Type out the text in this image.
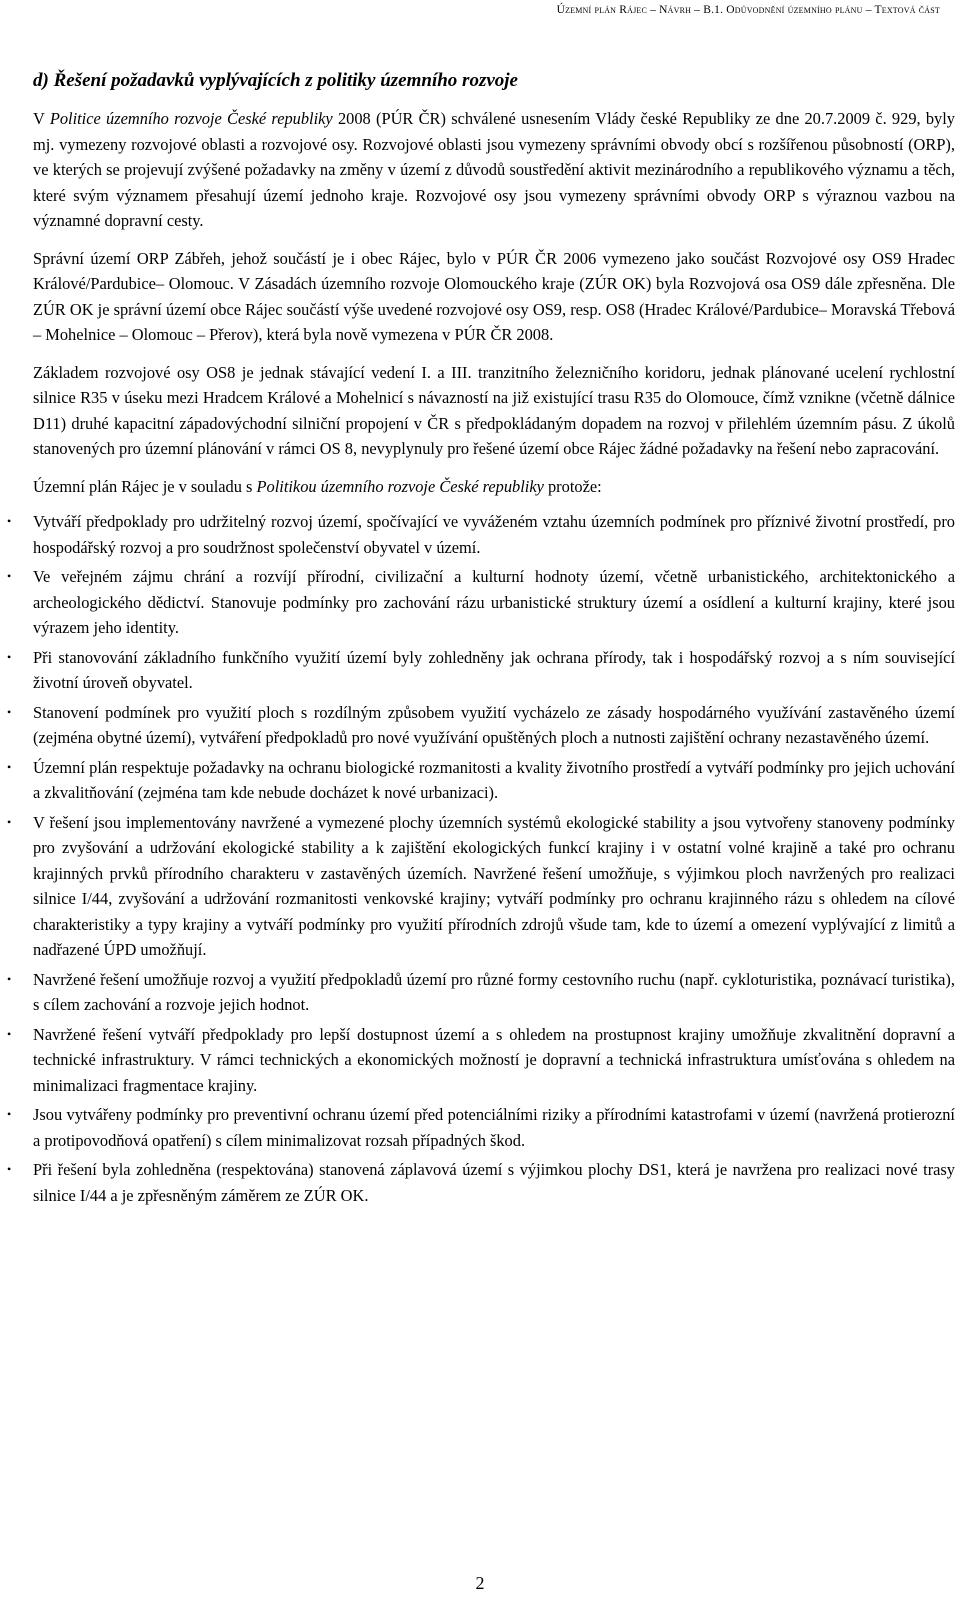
Územní plán Rájec – Návrh – B.1. Odůvodnění územního plánu – Textová část
d) Řešení požadavků vyplývajících z politiky územního rozvoje

V Politice územního rozvoje České republiky 2008 (PÚR ČR) schválené usnesením Vlády české Republiky ze dne 20.7.2009 č. 929, byly mj. vymezeny rozvojové oblasti a rozvojové osy. Rozvojové oblasti jsou vymezeny správními obvody obcí s rozšířenou působností (ORP), ve kterých se projevují zvýšené požadavky na změny v území z důvodů soustředění aktivit mezinárodního a republikového významu a těch, které svým významem přesahují území jednoho kraje. Rozvojové osy jsou vymezeny správními obvody ORP s výraznou vazbou na významné dopravní cesty.

Správní území ORP Zábřeh, jehož součástí je i obec Rájec, bylo v PÚR ČR 2006 vymezeno jako součást Rozvojové osy OS9 Hradec Králové/Pardubice– Olomouc. V Zásadách územního rozvoje Olomouckého kraje (ZÚR OK) byla Rozvojová osa OS9 dále zpřesněna. Dle ZÚR OK je správní území obce Rájec součástí výše uvedené rozvojové osy OS9, resp. OS8 (Hradec Králové/Pardubice– Moravská Třebová – Mohelnice – Olomouc – Přerov), která byla nově vymezena v PÚR ČR 2008.

Základem rozvojové osy OS8 je jednak stávající vedení I. a III. tranzitního železničního koridoru, jednak plánované ucelení rychlostní silnice R35 v úseku mezi Hradcem Králové a Mohelnicí s návazností na již existující trasu R35 do Olomouce, čímž vznikne (včetně dálnice D11) druhé kapacitní západovýchodní silniční propojení v ČR s předpokládaným dopadem na rozvoj v přilehlém územním pásu. Z úkolů stanovených pro územní plánování v rámci OS 8, nevyplynuly pro řešené území obce Rájec žádné požadavky na řešení nebo zapracování.

Územní plán Rájec je v souladu s Politikou územního rozvoje České republiky protože:

• Vytváří předpoklady pro udržitelný rozvoj území, spočívající ve vyváženém vztahu územních podmínek pro příznivé životní prostředí, pro hospodářský rozvoj a pro soudržnost společenství obyvatel v území.
• Ve veřejném zájmu chrání a rozvíjí přírodní, civilizační a kulturní hodnoty území, včetně urbanistického, architektonického a archeologického dědictví. Stanovuje podmínky pro zachování rázu urbanistické struktury území a osídlení a kulturní krajiny, které jsou výrazem jeho identity.
• Při stanovování základního funkčního využití území byly zohledněny jak ochrana přírody, tak i hospodářský rozvoj a s ním související životní úroveň obyvatel.
• Stanovení podmínek pro využití ploch s rozdílným způsobem využití vycházelo ze zásady hospodárného využívání zastavěného území (zejména obytné území), vytváření předpokladů pro nové využívání opuštěných ploch a nutnosti zajištění ochrany nezastavěného území.
• Územní plán respektuje požadavky na ochranu biologické rozmanitosti a kvality životního prostředí a vytváří podmínky pro jejich uchování a zkvalitňování (zejména tam kde nebude docházet k nové urbanizaci).
• V řešení jsou implementovány navržené a vymezené plochy územních systémů ekologické stability a jsou vytvořeny stanoveny podmínky pro zvyšování a udržování ekologické stability a k zajištění ekologických funkcí krajiny i v ostatní volné krajině a také pro ochranu krajinných prvků přírodního charakteru v zastavěných územích. Navržené řešení umožňuje, s výjimkou ploch navržených pro realizaci silnice I/44, zvyšování a udržování rozmanitosti venkovské krajiny; vytváří podmínky pro ochranu krajinného rázu s ohledem na cílové charakteristiky a typy krajiny a vytváří podmínky pro využití přírodních zdrojů všude tam, kde to území a omezení vyplývající z limitů a nadřazené ÚPD umožňují.
• Navržené řešení umožňuje rozvoj a využití předpokladů území pro různé formy cestovního ruchu (např. cykloturistika, poznávací turistika), s cílem zachování a rozvoje jejich hodnot.
• Navržené řešení vytváří předpoklady pro lepší dostupnost území a s ohledem na prostupnost krajiny umožňuje zkvalitnění dopravní a technické infrastruktury. V rámci technických a ekonomických možností je dopravní a technická infrastruktura umísťována s ohledem na minimalizaci fragmentace krajiny.
• Jsou vytvářeny podmínky pro preventivní ochranu území před potenciálními riziky a přírodními katastrofami v území (navržená protierozní a protipovodňová opatření) s cílem minimalizovat rozsah případných škod.
• Při řešení byla zohledněna (respektována) stanovená záplavová území s výjimkou plochy DS1, která je navržena pro realizaci nové trasy silnice I/44 a je zpřesněným záměrem ze ZÚR OK.
2
